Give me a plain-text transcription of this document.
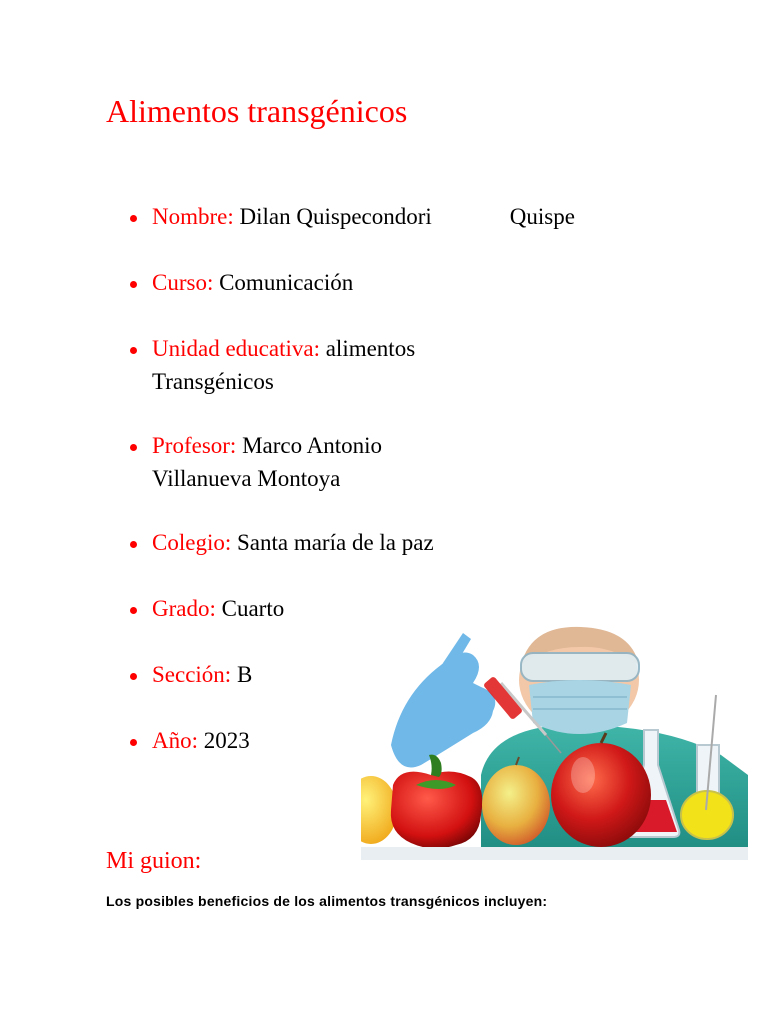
Alimentos transgénicos
Nombre: Dilan Quispecondori	Quispe
Curso: Comunicación
Unidad educativa: alimentos Transgénicos
Profesor: Marco Antonio Villanueva Montoya
Colegio: Santa maría de la paz
Grado: Cuarto
Sección: B
Año: 2023
Mi guion:

Los posibles beneficios de los alimentos transgénicos incluyen:
